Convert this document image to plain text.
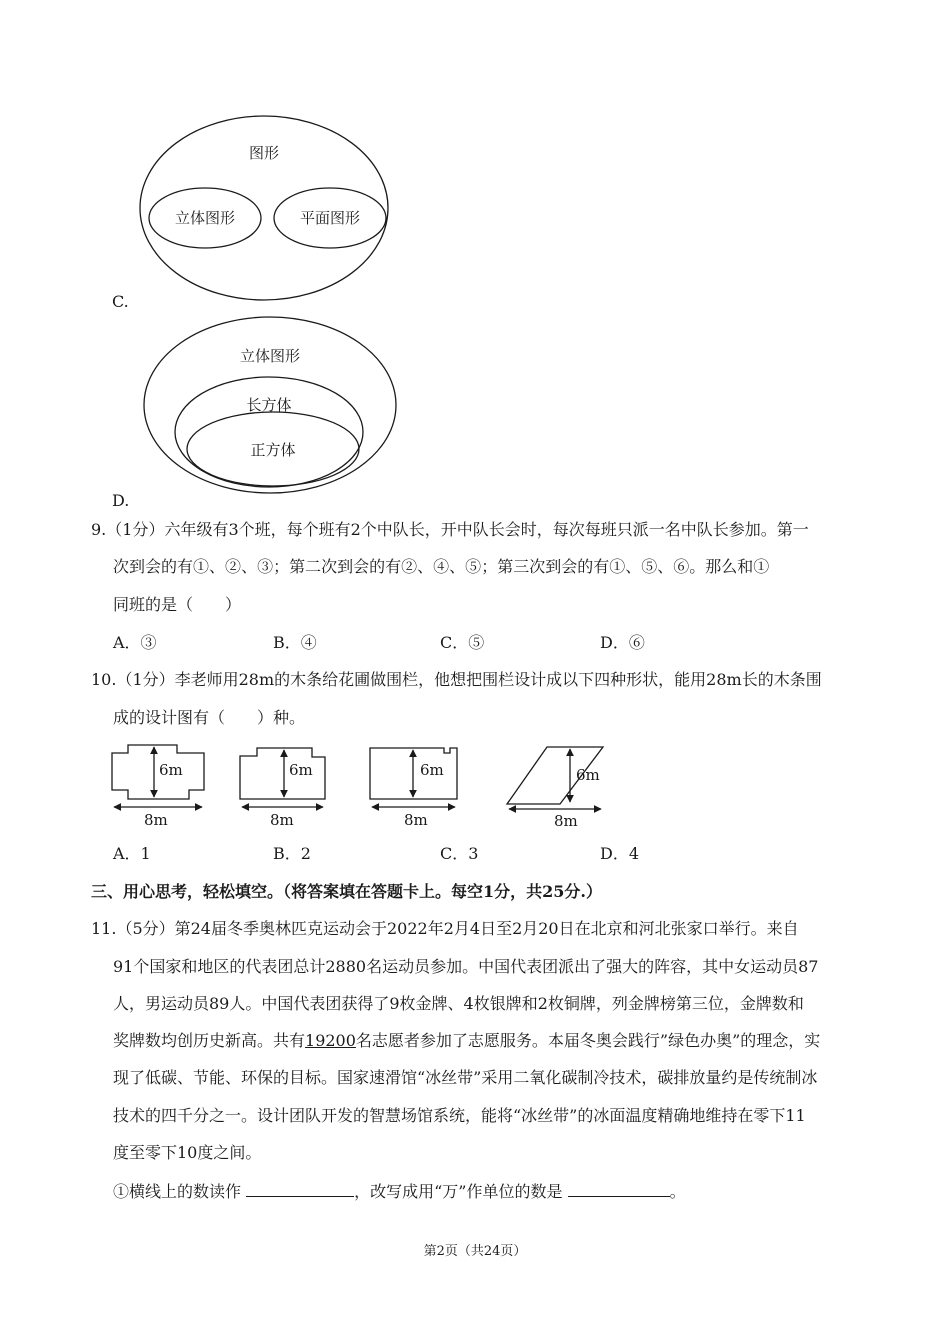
图形
立体图形	平面图形
C.
立体图形
长方体
正方体
D.
9.（1分）六年级有3个班，每个班有2个中队长，开中队长会时，每次每班只派一名中队长参加。第一
次到会的有①、②、③；第二次到会的有②、④、⑤；第三次到会的有①、⑤、⑥。那么和①
同班的是（　　）
A．③	B．④	C．⑤	D．⑥
10.（1分）李老师用28m的木条给花圃做围栏，他想把围栏设计成以下四种形状，能用28m长的木条围
成的设计图有（　　）种。
6m
8m
6m
8m
6m
8m
6m
8m
A．1	B．2	C．3	D．4
三、用心思考，轻松填空。（将答案填在答题卡上。每空1分，共25分.）
11.（5分）第24届冬季奥林匹克运动会于2022年2月4日至2月20日在北京和河北张家口举行。来自
91个国家和地区的代表团总计2880名运动员参加。中国代表团派出了强大的阵容，其中女运动员87
人，男运动员89人。中国代表团获得了9枚金牌、4枚银牌和2枚铜牌，列金牌榜第三位，金牌数和
奖牌数均创历史新高。共有19200名志愿者参加了志愿服务。本届冬奥会践行”绿色办奥”的理念，实
现了低碳、节能、环保的目标。国家速滑馆“冰丝带”采用二氧化碳制冷技术，碳排放量约是传统制冰
技术的四千分之一。设计团队开发的智慧场馆系统，能将“冰丝带”的冰面温度精确地维持在零下11
度至零下10度之间。
①横线上的数读作	，改写成用“万”作单位的数是	。
第2页（共24页）
